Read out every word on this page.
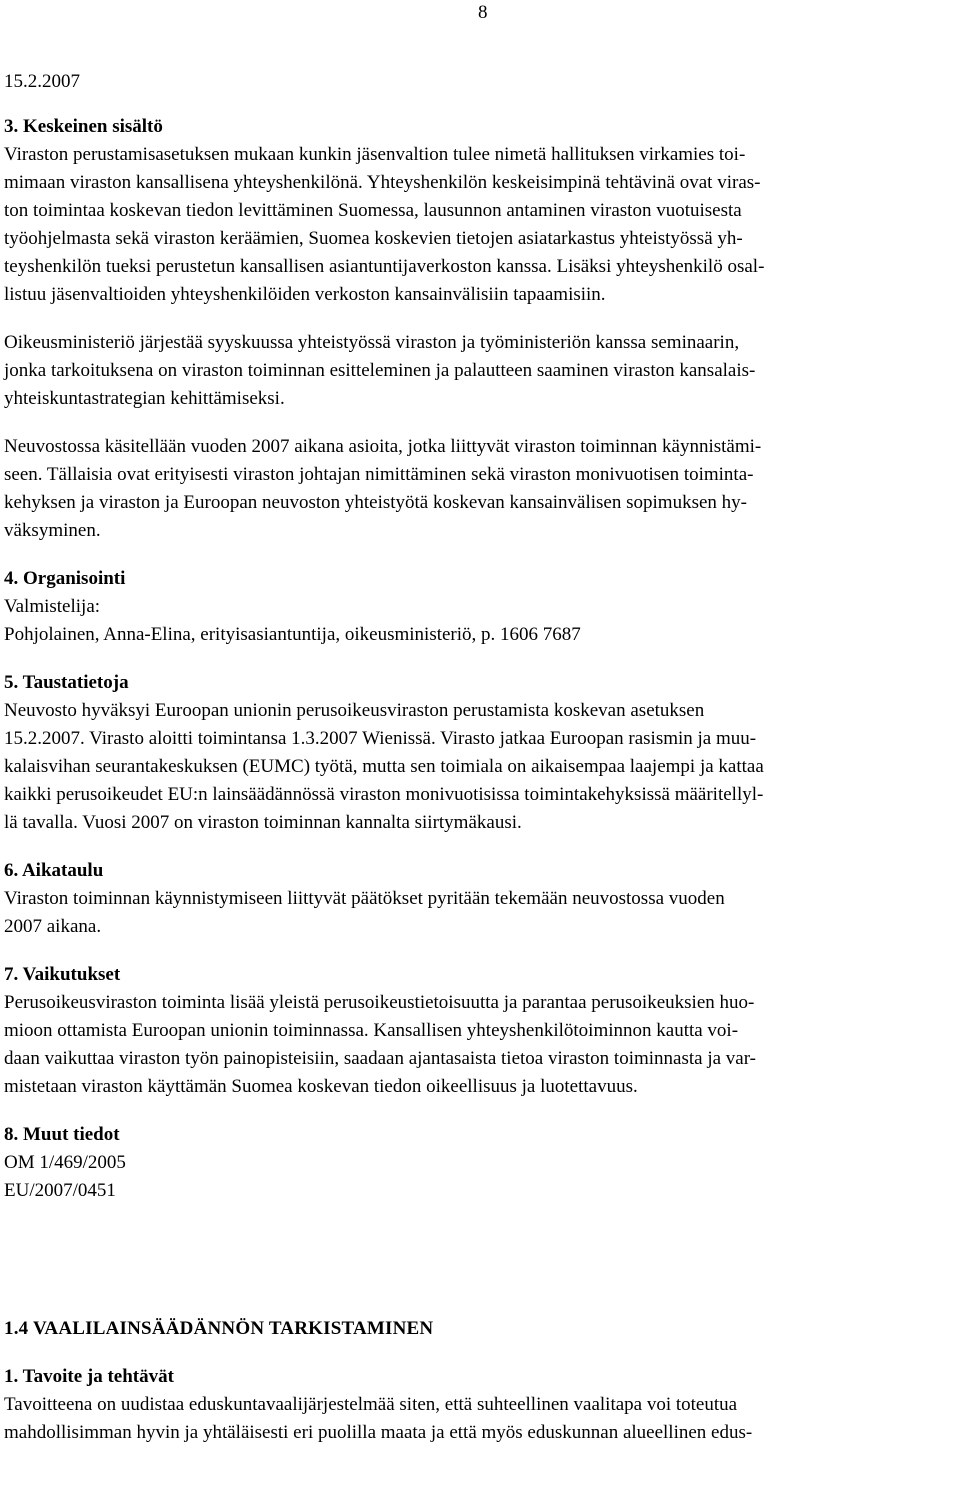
8
15.2.2007
3. Keskeinen sisältö
Viraston perustamisasetuksen mukaan kunkin jäsenvaltion tulee nimetä hallituksen virkamies toi-
mimaan viraston kansallisena yhteyshenkilönä. Yhteyshenkilön keskeisimpinä tehtävinä ovat viras-
ton toimintaa koskevan tiedon levittäminen Suomessa, lausunnon antaminen viraston vuotuisesta
työohjelmasta sekä viraston keräämien, Suomea koskevien tietojen asiatarkastus yhteistyössä yh-
teyshenkilön tueksi perustetun kansallisen asiantuntijaverkoston kanssa. Lisäksi yhteyshenkilö osal-
listuu jäsenvaltioiden yhteyshenkilöiden verkoston kansainvälisiin tapaamisiin.
Oikeusministeriö järjestää syyskuussa yhteistyössä viraston ja työministeriön kanssa seminaarin,
jonka tarkoituksena on viraston toiminnan esitteleminen ja palautteen saaminen viraston kansalais-
yhteiskuntastrategian kehittämiseksi.
Neuvostossa käsitellään vuoden 2007 aikana asioita, jotka liittyvät viraston toiminnan käynnistämi-
seen. Tällaisia ovat erityisesti viraston johtajan nimittäminen sekä viraston monivuotisen toiminta-
kehyksen ja viraston ja Euroopan neuvoston yhteistyötä koskevan kansainvälisen sopimuksen hy-
väksyminen.
4. Organisointi
Valmistelija:
Pohjolainen, Anna-Elina, erityisasiantuntija, oikeusministeriö, p. 1606 7687
5. Taustatietoja
Neuvosto hyväksyi Euroopan unionin perusoikeusviraston perustamista koskevan asetuksen
15.2.2007. Virasto aloitti toimintansa 1.3.2007 Wienissä. Virasto jatkaa Euroopan rasismin ja muu-
kalaisvihan seurantakeskuksen (EUMC) työtä, mutta sen toimiala on aikaisempaa laajempi ja kattaa
kaikki perusoikeudet EU:n lainsäädännössä viraston monivuotisissa toimintakehyksissä määritellyl-
lä tavalla. Vuosi 2007 on viraston toiminnan kannalta siirtymäkausi.
6. Aikataulu
Viraston toiminnan käynnistymiseen liittyvät päätökset pyritään tekemään neuvostossa vuoden
2007 aikana.
7. Vaikutukset
Perusoikeusviraston toiminta lisää yleistä perusoikeustietoisuutta ja parantaa perusoikeuksien huo-
mioon ottamista Euroopan unionin toiminnassa. Kansallisen yhteyshenkilötoiminnon kautta voi-
daan vaikuttaa viraston työn painopisteisiin, saadaan ajantasaista tietoa viraston toiminnasta ja var-
mistetaan viraston käyttämän Suomea koskevan tiedon oikeellisuus ja luotettavuus.
8. Muut tiedot
OM 1/469/2005
EU/2007/0451
1.4 VAALILAINSÄÄDÄNNÖN TARKISTAMINEN
1. Tavoite ja tehtävät
Tavoitteena on uudistaa eduskuntavaalijärjestelmää siten, että suhteellinen vaalitapa voi toteutua
mahdollisimman hyvin ja yhtäläisesti eri puolilla maata ja että myös eduskunnan alueellinen edus-
